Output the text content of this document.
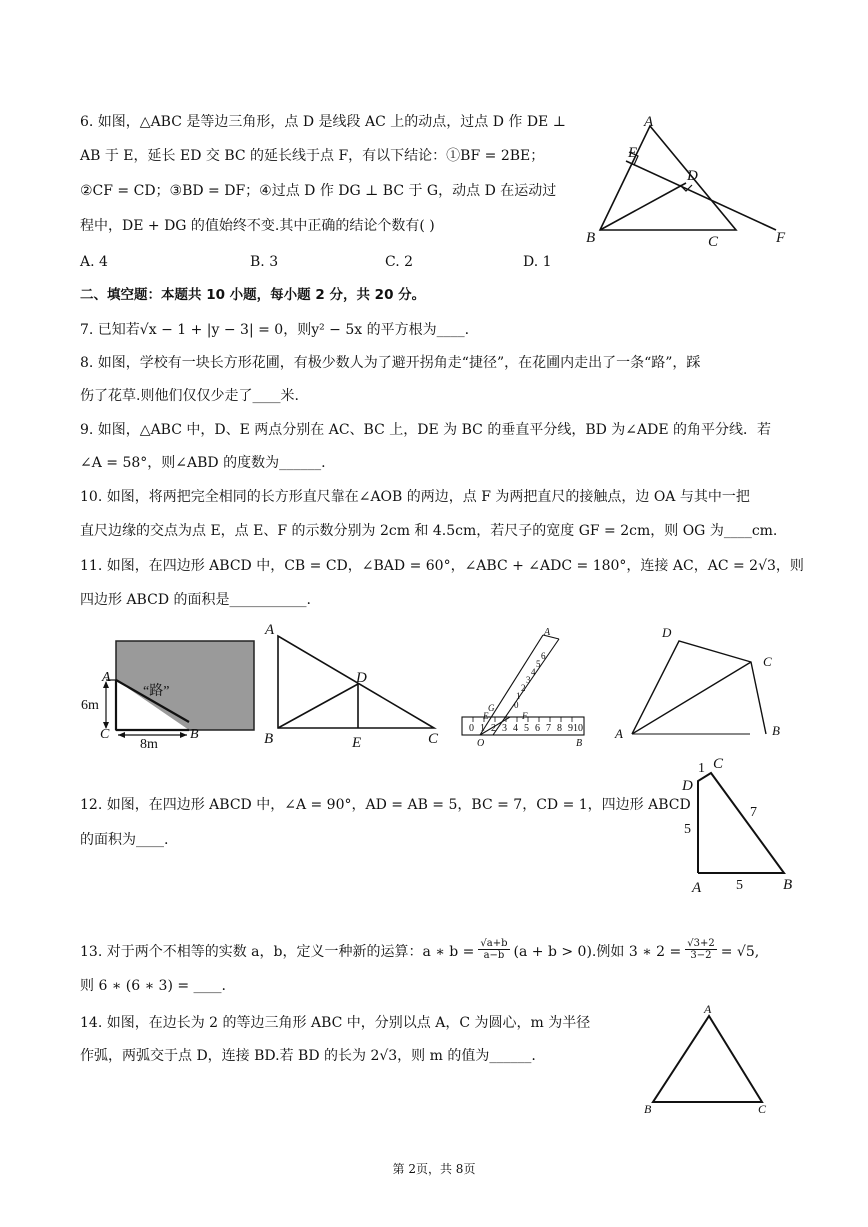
6. 如图，△ABC 是等边三角形，点 D 是线段 AC 上的动点，过点 D 作 DE ⊥
AB 于 E，延长 ED 交 BC 的延长线于点 F，有以下结论：①BF = 2BE；
②CF = CD；③BD = DF；④过点 D 作 DG ⊥ BC 于 G，动点 D 在运动过
程中，DE + DG 的值始终不变.其中正确的结论个数有( )
A. 4	B. 3	C. 2	D. 1
A
E
D
B	C	F
二、填空题：本题共 10 小题，每小题 2 分，共 20 分。
7. 已知若√x − 1 + |y − 3| = 0，则y² − 5x 的平方根为____.
8. 如图，学校有一块长方形花圃，有极少数人为了避开拐角走“捷径”，在花圃内走出了一条“路”，踩
伤了花草.则他们仅仅少走了____米.
9. 如图，△ABC 中，D、E 两点分别在 AC、BC 上，DE 为 BC 的垂直平分线，BD 为∠ADE 的角平分线．若
∠A = 58°，则∠ABD 的度数为______.
10. 如图，将两把完全相同的长方形直尺靠在∠AOB 的两边，点 F 为两把直尺的接触点，边 OA 与其中一把
直尺边缘的交点为点 E，点 E、F 的示数分别为 2cm 和 4.5cm，若尺子的宽度 GF = 2cm，则 OG 为____cm.
11. 如图，在四边形 ABCD 中，CB = CD，∠BAD = 60°，∠ABC + ∠ADC = 180°，连接 AC，AC = 2√3，则
四边形 ABCD 的面积是___________.
“路”
A
6m
C
8m
B
A
D
B	E	C
A
6
5
4
3
2
1
0
G
E	F
0 1 2 3 4 5 6 7 8 9 10
O	B
D
C
A	B
12. 如图，在四边形 ABCD 中，∠A = 90°，AD = AB = 5，BC = 7，CD = 1，四边形 ABCD
的面积为____.
1 C
D
7
5
A 5	B
13. 对于两个不相等的实数 a，b，定义一种新的运算：a ∗ $b = \frac{√a+b}{a-b} (a + b > 0)$.例如 3 ∗ $2 = \frac{√3+2}{3-2} = √5$,
则 6 ∗ (6 ∗ 3) = ____.
14. 如图，在边长为 2 的等边三角形 ABC 中，分别以点 A，C 为圆心，m 为半径
作弧，两弧交于点 D，连接 BD.若 BD 的长为 2√3，则 m 的值为______.
A
B	C
第 2页，共 8页
